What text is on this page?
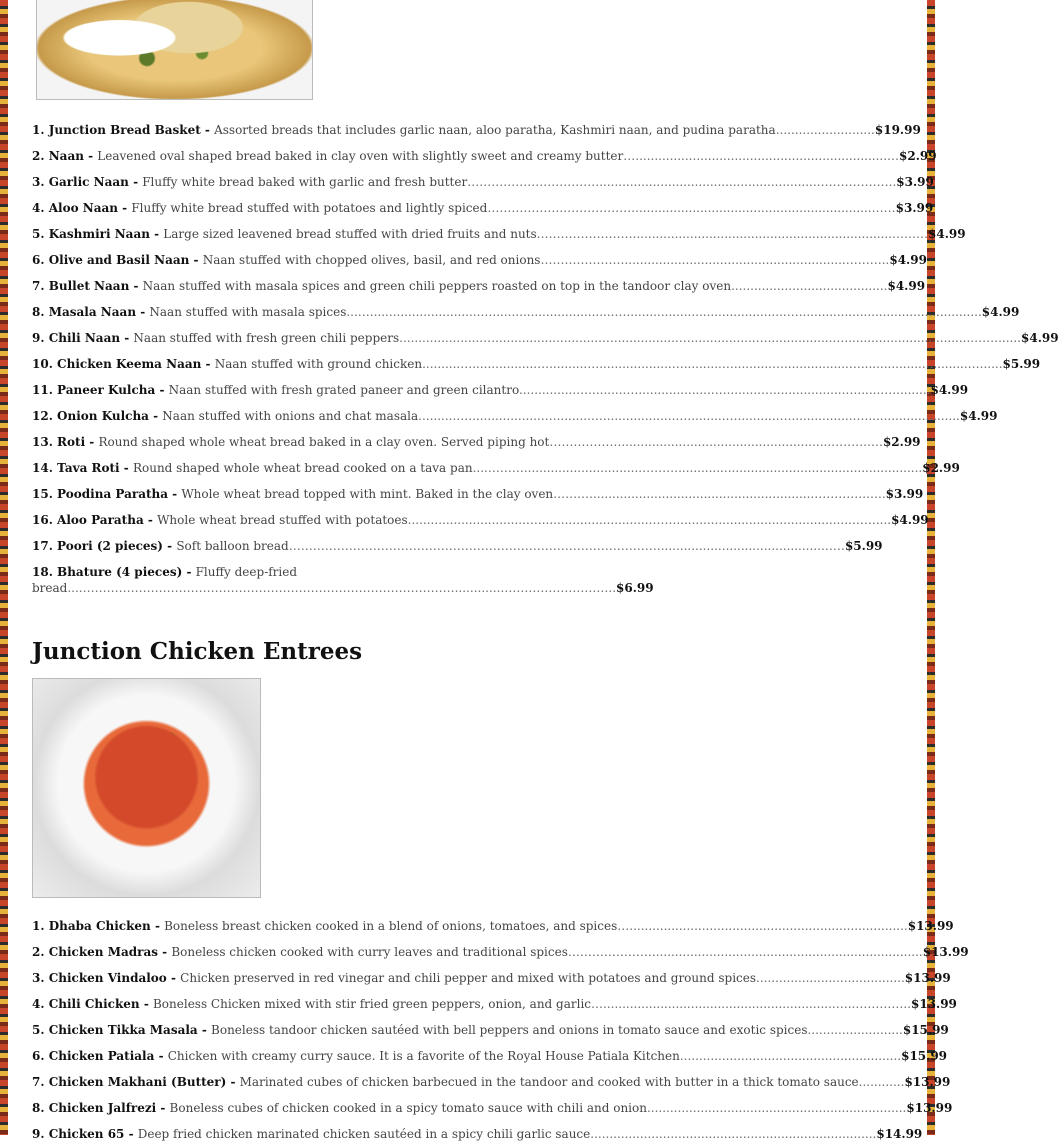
1. Junction Bread Basket - Assorted breads that includes garlic naan, aloo paratha, Kashmiri naan, and pudina paratha..........................$19.99
2. Naan - Leavened oval shaped bread baked in clay oven with slightly sweet and creamy butter…..................................................................…$2.99
3. Garlic Naan - Fluffy white bread baked with garlic and fresh butter…………………………….........................................................………………..$3.99
4. Aloo Naan - Fluffy white bread stuffed with potatoes and lightly spiced……………….………………..............................................................……$3.99
5. Kashmiri Naan - Large sized leavened bread stuffed with dried fruits and nuts……………………....................................................................………$4.99
6. Olive and Basil Naan - Naan stuffed with chopped olives, basil, and red onions…………………..........................................................………..$4.99
7. Bullet Naan - Naan stuffed with masala spices and green chili peppers roasted on top in the tandoor clay oven.........................................$4.99
8. Masala Naan - Naan stuffed with masala spices...….............................…................................…..........................................…................................................$4.99
9. Chili Naan - Naan stuffed with fresh green chili peppers......................…............................….................….................….................…..................................……......$4.99
10. Chicken Keema Naan - Naan stuffed with ground chicken..........….................…..........…...................…..........…..........….................…............................…......$5.99
11. Paneer Kulcha - Naan stuffed with fresh grated paneer and green cilantro...............…..........…...................…..........…...................…......…..........$4.99
12. Onion Kulcha - Naan stuffed with onions and chat masala..........…...................…..........…...................…..........…..........….................….........................$4.99
13. Roti - Round shaped whole wheat bread baked in a clay oven. Served piping hot……………….......................................................……….…$2.99
14. Tava Roti - Round shaped whole wheat bread cooked on a tava pan....………...............................………................................................................$2.99
15. Poodina Paratha - Whole wheat bread topped with mint. Baked in the clay oven…….…..........................................................………….…..$3.99
16. Aloo Paratha - Whole wheat bread stuffed with potatoes...............................….............................……...............................................……....$4.99
17. Poori (2 pieces) - Soft balloon bread…………………………………………………………………………………..........................................……$5.99
18. Bhature (4 pieces) - Fluffy deep-fried
bread....…………………………………………………………………………………............………………………..$6.99
Junction Chicken Entrees
1. Dhaba Chicken - Boneless breast chicken cooked in a blend of onions, tomatoes, and spices….........................................................................$13.99
2. Chicken Madras - Boneless chicken cooked with curry leaves and traditional spices………………….......................................................................$13.99
3. Chicken Vindaloo - Chicken preserved in red vinegar and chili pepper and mixed with potatoes and ground spices.......................................$13.99
4. Chili Chicken - Boneless Chicken mixed with stir fried green peppers, onion, and garlic….............................................................…..…………..$13.99
5. Chicken Tikka Masala - Boneless tandoor chicken sautéed with bell peppers and onions in tomato sauce and exotic spices.........................$15.99
6. Chicken Patiala - Chicken with creamy curry sauce. It is a favorite of the Royal House Patiala Kitchen..........................................................$15.99
7. Chicken Makhani (Butter) - Marinated cubes of chicken barbecued in the tandoor and cooked with butter in a thick tomato sauce............$13.99
8. Chicken Jalfrezi - Boneless cubes of chicken cooked in a spicy tomato sauce with chili and onion....................................................................$13.99
9. Chicken 65 - Deep fried chicken marinated chicken sautéed in a spicy chili garlic sauce...........................................................................$14.99
